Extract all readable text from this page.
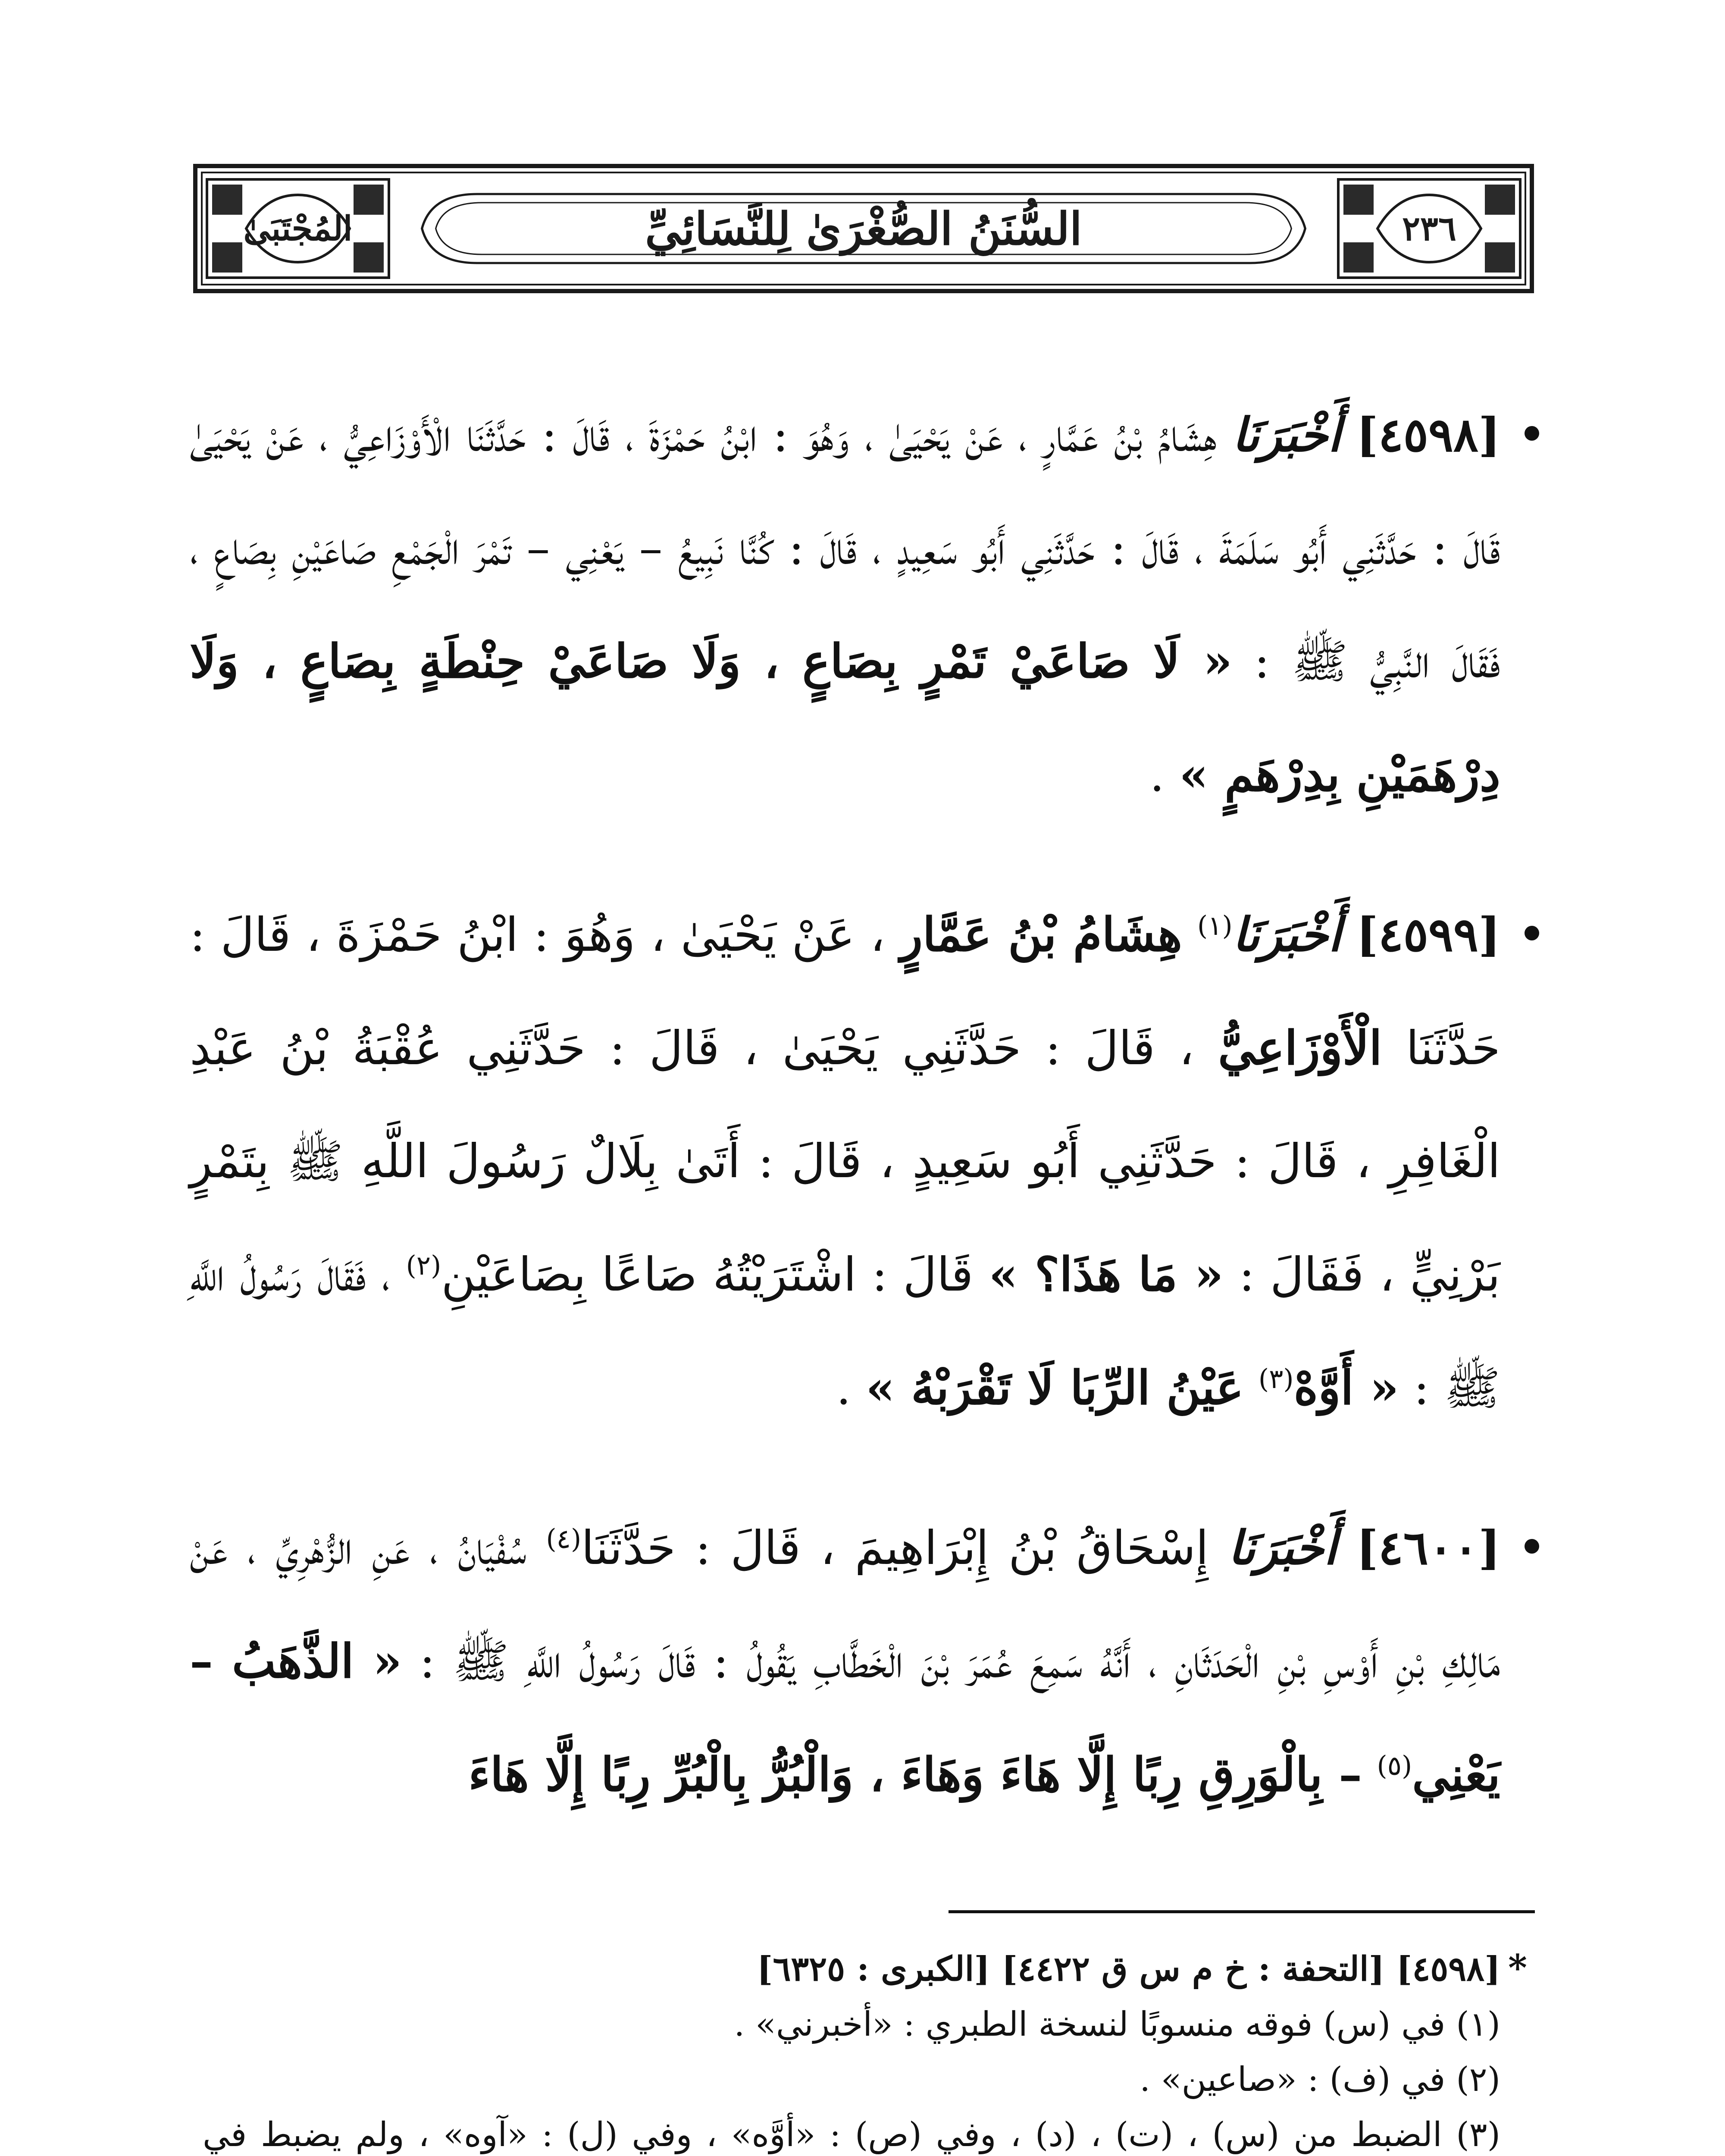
٢٣٦
السُّنَنُ الصُّغْرَىٰ لِلنَّسَائِيِّ
المُجْتَبَىٰ

[٤٥٩٨] أَخْبَرَنَا هِشَامُ بْنُ عَمَّارٍ ، عَنْ يَحْيَىٰ ، وَهُوَ : ابْنُ حَمْزَةَ ، قَالَ : حَدَّثَنَا الْأَوْزَاعِيُّ ، عَنْ يَحْيَىٰ قَالَ : حَدَّثَنِي أَبُو سَلَمَةَ ، قَالَ : حَدَّثَنِي أَبُو سَعِيدٍ ، قَالَ : كُنَّا نَبِيعُ – يَعْنِي – تَمْرَ الْجَمْعِ صَاعَيْنِ بِصَاعٍ ، فَقَالَ النَّبِيُّ ﷺ : « لَا صَاعَيْ تَمْرٍ بِصَاعٍ ، وَلَا صَاعَيْ حِنْطَةٍ بِصَاعٍ ، وَلَا دِرْهَمَيْنِ بِدِرْهَمٍ » .

[٤٥٩٩] أَخْبَرَنَا$^{(١)}$ هِشَامُ بْنُ عَمَّارٍ ، عَنْ يَحْيَىٰ ، وَهُوَ : ابْنُ حَمْزَةَ ، قَالَ : حَدَّثَنَا الْأَوْزَاعِيُّ ، قَالَ : حَدَّثَنِي يَحْيَىٰ ، قَالَ : حَدَّثَنِي عُقْبَةُ بْنُ عَبْدِ الْغَافِرِ ، قَالَ : حَدَّثَنِي أَبُو سَعِيدٍ ، قَالَ : أَتَىٰ بِلَالٌ رَسُولَ اللَّهِ ﷺ بِتَمْرٍ بَرْنِيٍّ ، فَقَالَ : « مَا هَذَا؟ » قَالَ : اشْتَرَيْتُهُ صَاعًا بِصَاعَيْنِ$^{(٢)}$ ، فَقَالَ رَسُولُ اللَّهِ ﷺ : « أَوَّهْ$^{(٣)}$ عَيْنُ الرِّبَا لَا تَقْرَبْهُ » .

[٤٦٠٠] أَخْبَرَنَا إِسْحَاقُ بْنُ إِبْرَاهِيمَ ، قَالَ : حَدَّثَنَا$^{(٤)}$ سُفْيَانُ ، عَنِ الزُّهْرِيِّ ، عَنْ مَالِكِ بْنِ أَوْسِ بْنِ الْحَدَثَانِ ، أَنَّهُ سَمِعَ عُمَرَ بْنَ الْخَطَّابِ يَقُولُ : قَالَ رَسُولُ اللَّهِ ﷺ : « الذَّهَبُ – يَعْنِي$^{(٥)}$ – بِالْوَرِقِ رِبًا إِلَّا هَاءَ وَهَاءَ ، وَالْبُرُّ بِالْبُرِّ رِبًا إِلَّا هَاءَ

*[٤٥٩٨] [التحفة : خ م س ق ٤٤٢٢] [الكبرى : ٦٣٢٥]
(١) في (س) فوقه منسوبًا لنسخة الطبري : «أخبرني» .
(٢) في (ف) : «صاعين» .
(٣) الضبط من (س) ، (ت) ، (د) ، وفي (ص) : «أوَّه» ، وفي (ل) : «آوه» ، ولم يضبط في
